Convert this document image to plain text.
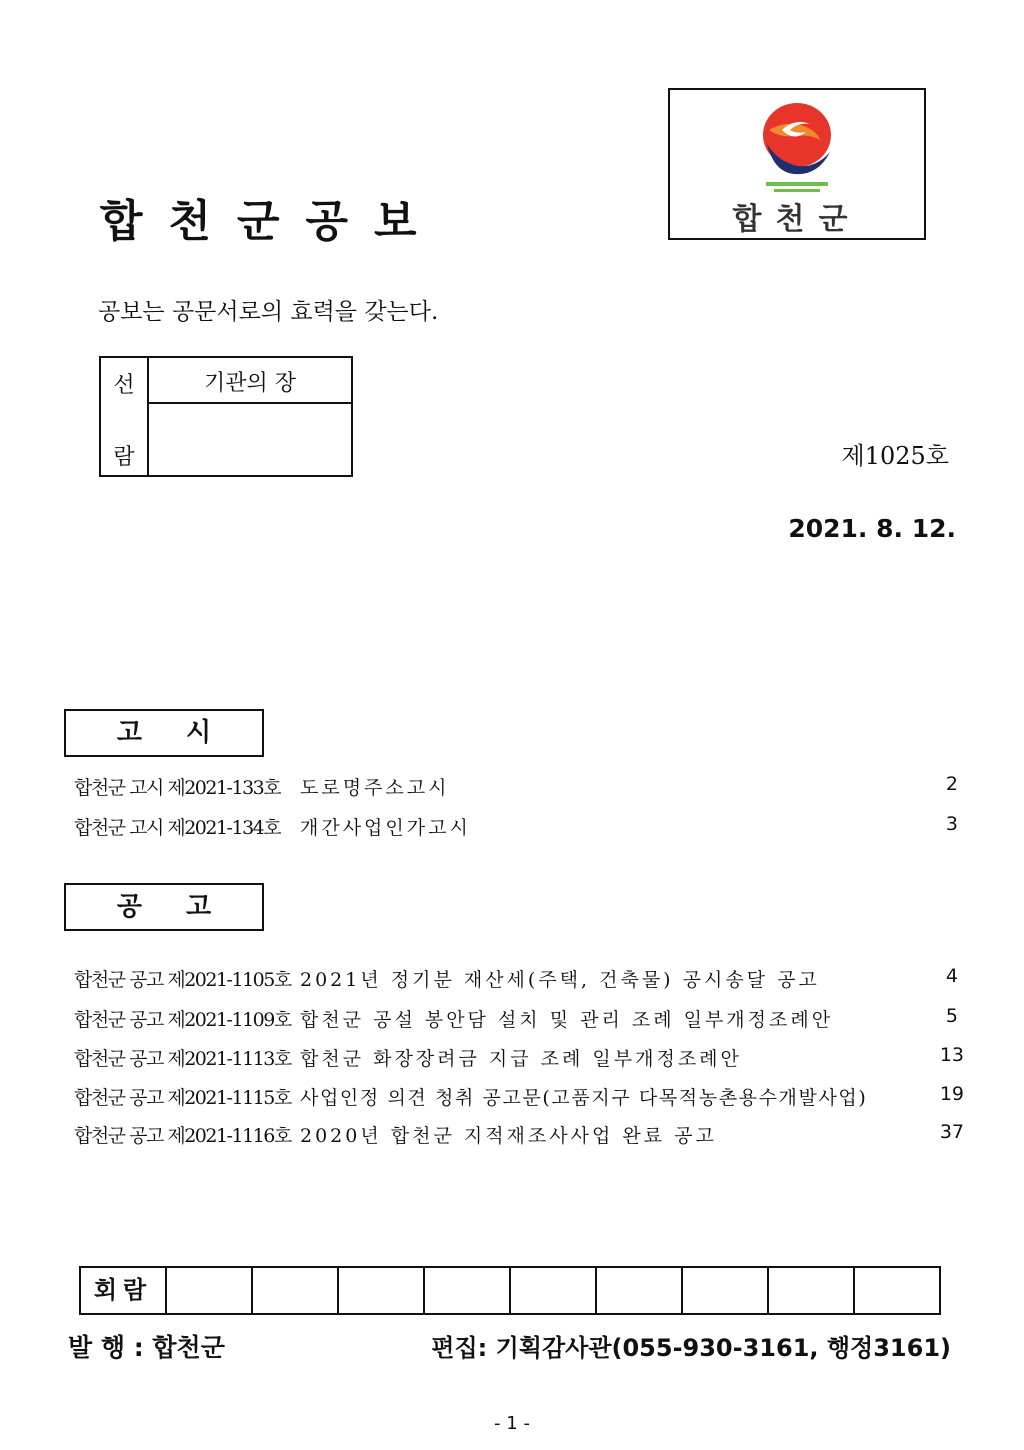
합천군공보	합천군
공보는 공문서로의 효력을 갖는다.
선
람
기관의 장
제1025호
2021. 8. 12.
고시
합천군 고시 제2021-133호 도로명주소고시	2
합천군 고시 제2021-134호 개간사업인가고시	3
공고
합천군 공고 제2021-1105호 2021년 정기분 재산세(주택, 건축물) 공시송달 공고	4
합천군 공고 제2021-1109호 합천군 공설 봉안담 설치 및 관리 조례 일부개정조례안	5
합천군 공고 제2021-1113호 합천군 화장장려금 지급 조례 일부개정조례안	13
합천군 공고 제2021-1115호 사업인정 의견 청취 공고문(고품지구 다목적농촌용수개발사업)	19
합천군 공고 제2021-1116호 2020년 합천군 지적재조사사업 완료 공고	37
회람
발 행 : 합천군	편집: 기획감사관(055-930-3161, 행정3161)
- 1 -
